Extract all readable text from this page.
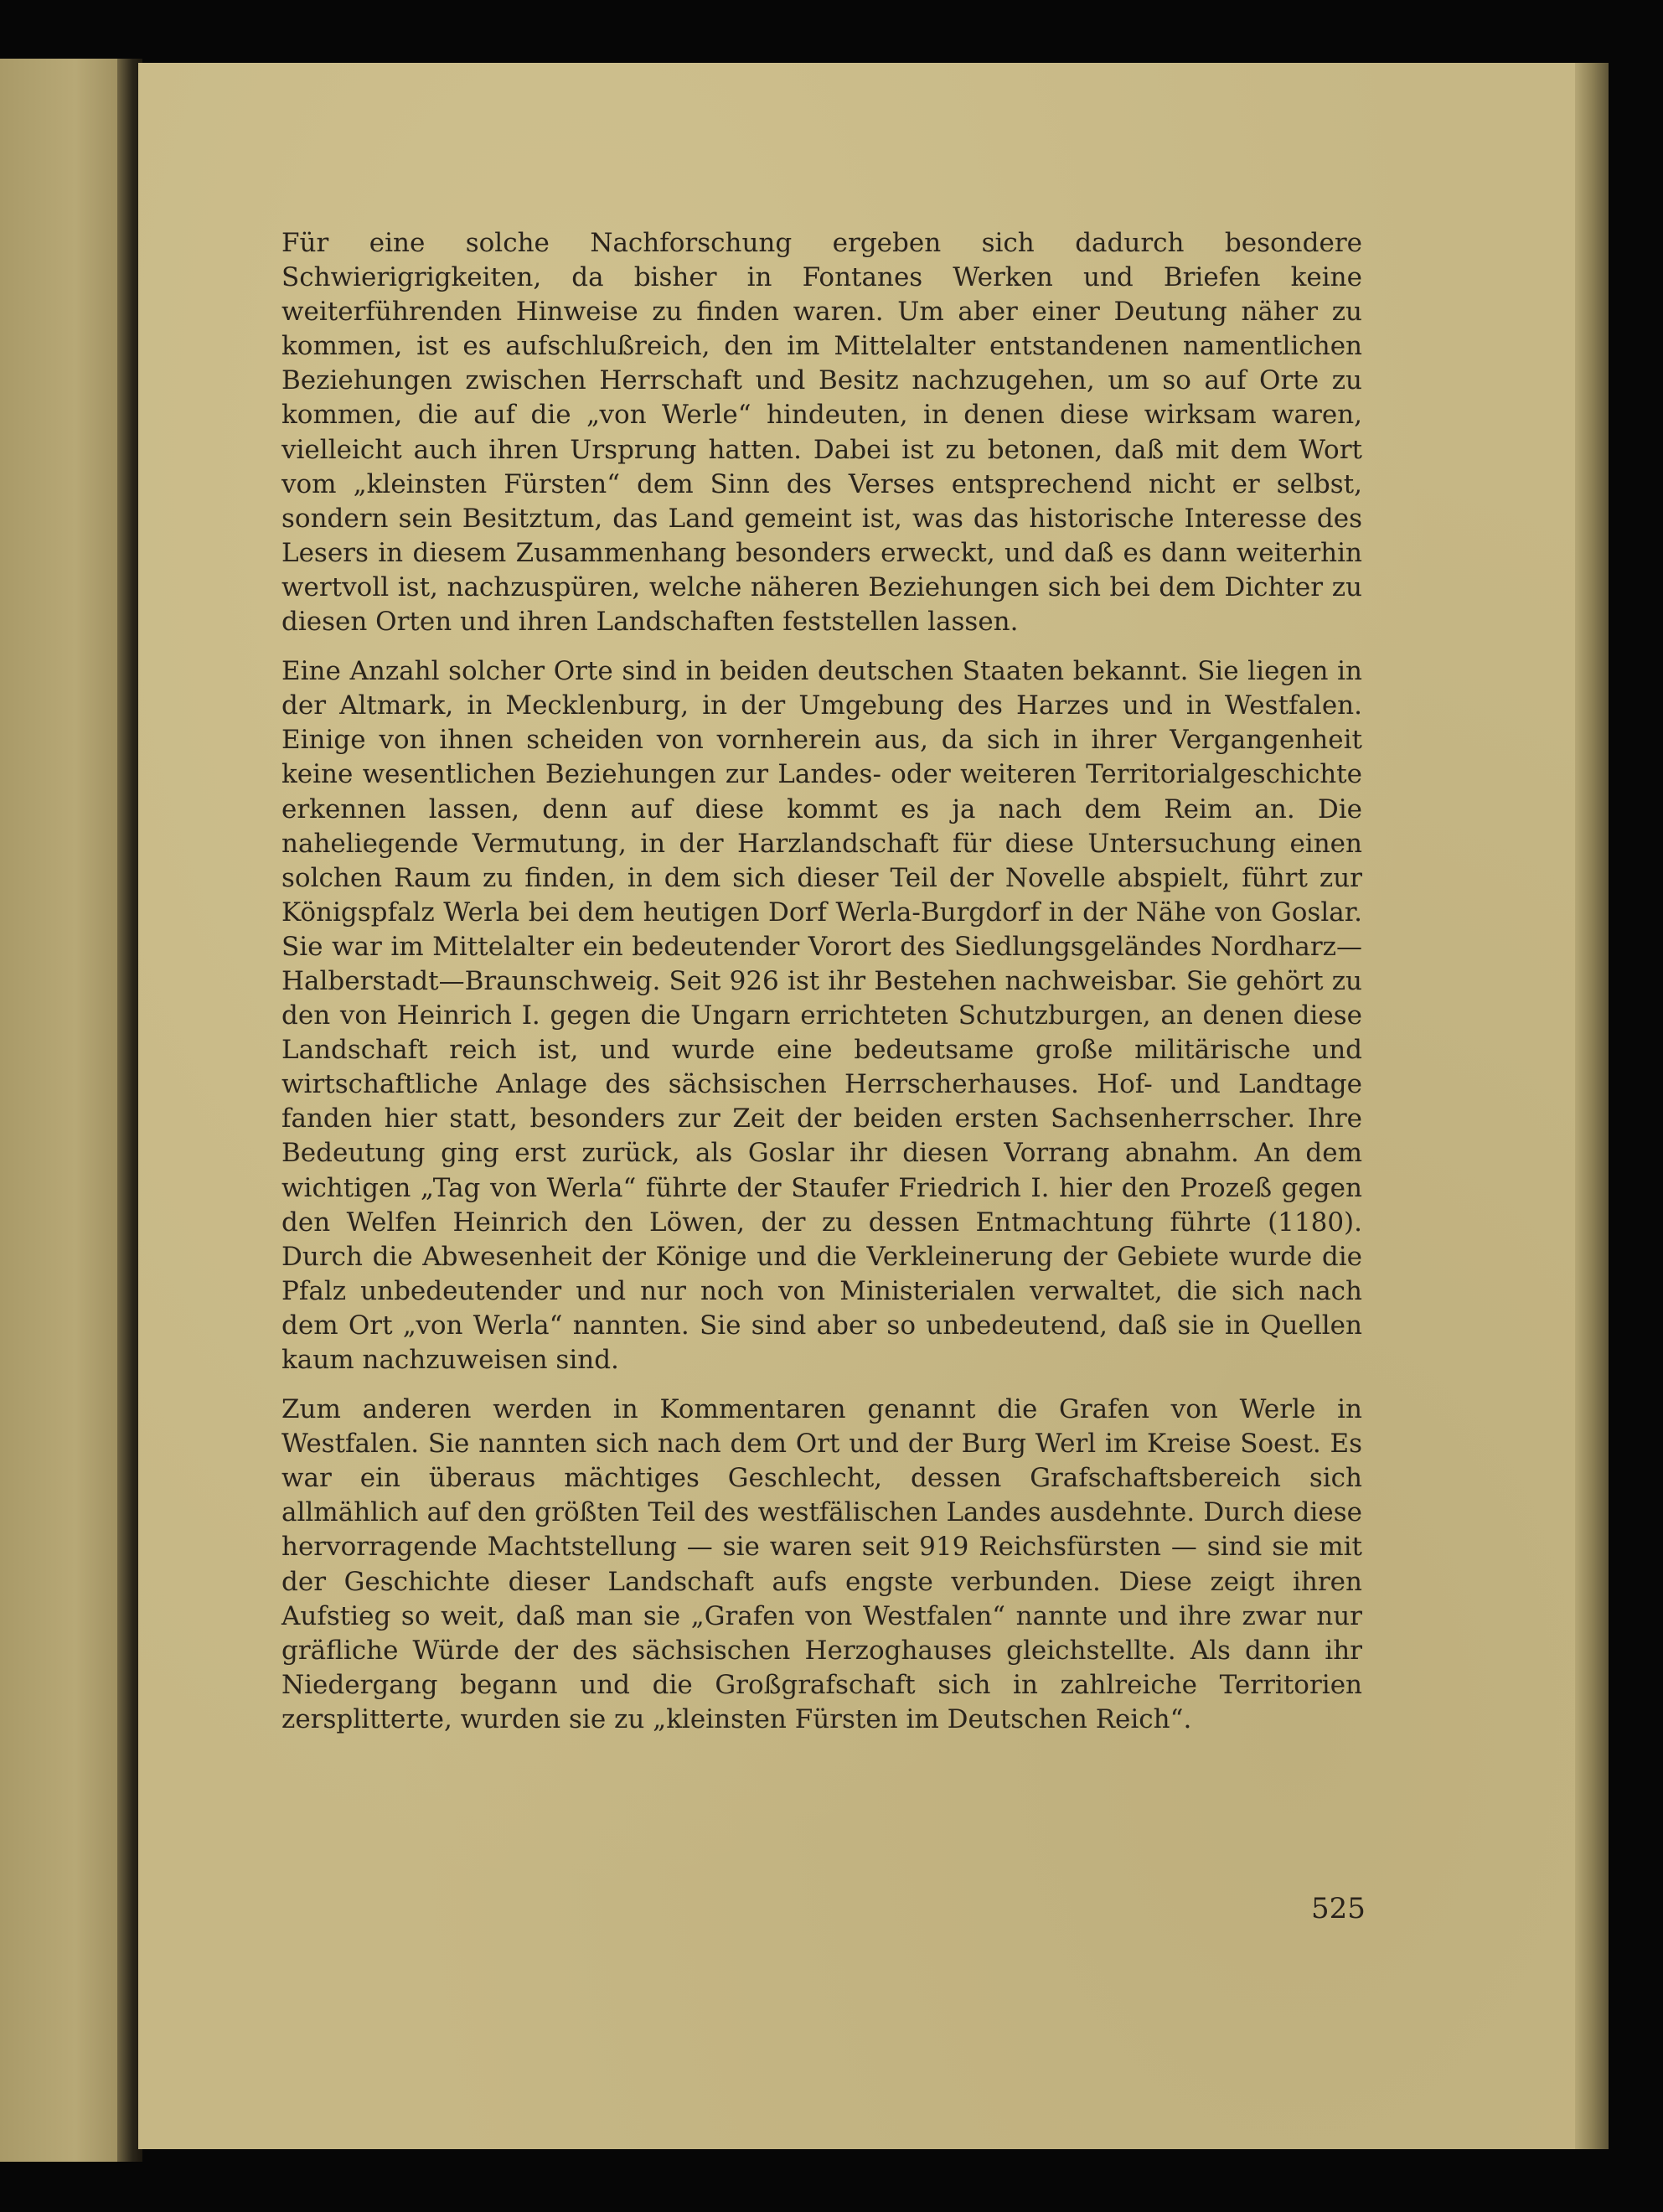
Für eine solche Nachforschung ergeben sich dadurch besondere Schwierigrigkeiten, da bisher in Fontanes Werken und Briefen keine weiterführenden Hinweise zu finden waren. Um aber einer Deutung näher zu kommen, ist es aufschlußreich, den im Mittelalter entstandenen namentlichen Beziehungen zwischen Herrschaft und Besitz nachzugehen, um so auf Orte zu kommen, die auf die „von Werle“ hindeuten, in denen diese wirksam waren, vielleicht auch ihren Ursprung hatten. Dabei ist zu betonen, daß mit dem Wort vom „kleinsten Fürsten“ dem Sinn des Verses entsprechend nicht er selbst, sondern sein Besitztum, das Land gemeint ist, was das historische Interesse des Lesers in diesem Zusammenhang besonders erweckt, und daß es dann weiterhin wertvoll ist, nachzuspüren, welche näheren Beziehungen sich bei dem Dichter zu diesen Orten und ihren Landschaften feststellen lassen.

Eine Anzahl solcher Orte sind in beiden deutschen Staaten bekannt. Sie liegen in der Altmark, in Mecklenburg, in der Umgebung des Harzes und in Westfalen. Einige von ihnen scheiden von vornherein aus, da sich in ihrer Vergangenheit keine wesentlichen Beziehungen zur Landes- oder weiteren Territorialgeschichte erkennen lassen, denn auf diese kommt es ja nach dem Reim an. Die naheliegende Vermutung, in der Harzlandschaft für diese Untersuchung einen solchen Raum zu finden, in dem sich dieser Teil der Novelle abspielt, führt zur Königspfalz Werla bei dem heutigen Dorf Werla-Burgdorf in der Nähe von Goslar. Sie war im Mittelalter ein bedeutender Vorort des Siedlungsgeländes Nordharz—Halberstadt—Braunschweig. Seit 926 ist ihr Bestehen nachweisbar. Sie gehört zu den von Heinrich I. gegen die Ungarn errichteten Schutzburgen, an denen diese Landschaft reich ist, und wurde eine bedeutsame große militärische und wirtschaftliche Anlage des sächsischen Herrscherhauses. Hof- und Landtage fanden hier statt, besonders zur Zeit der beiden ersten Sachsenherrscher. Ihre Bedeutung ging erst zurück, als Goslar ihr diesen Vorrang abnahm. An dem wichtigen „Tag von Werla“ führte der Staufer Friedrich I. hier den Prozeß gegen den Welfen Heinrich den Löwen, der zu dessen Entmachtung führte (1180). Durch die Abwesenheit der Könige und die Verkleinerung der Gebiete wurde die Pfalz unbedeutender und nur noch von Ministerialen verwaltet, die sich nach dem Ort „von Werla“ nannten. Sie sind aber so unbedeutend, daß sie in Quellen kaum nachzuweisen sind.

Zum anderen werden in Kommentaren genannt die Grafen von Werle in Westfalen. Sie nannten sich nach dem Ort und der Burg Werl im Kreise Soest. Es war ein überaus mächtiges Geschlecht, dessen Grafschaftsbereich sich allmählich auf den größten Teil des westfälischen Landes ausdehnte. Durch diese hervorragende Machtstellung — sie waren seit 919 Reichsfürsten — sind sie mit der Geschichte dieser Landschaft aufs engste verbunden. Diese zeigt ihren Aufstieg so weit, daß man sie „Grafen von Westfalen“ nannte und ihre zwar nur gräfliche Würde der des sächsischen Herzoghauses gleichstellte. Als dann ihr Niedergang begann und die Großgrafschaft sich in zahlreiche Territorien zersplitterte, wurden sie zu „kleinsten Fürsten im Deutschen Reich“.

525
